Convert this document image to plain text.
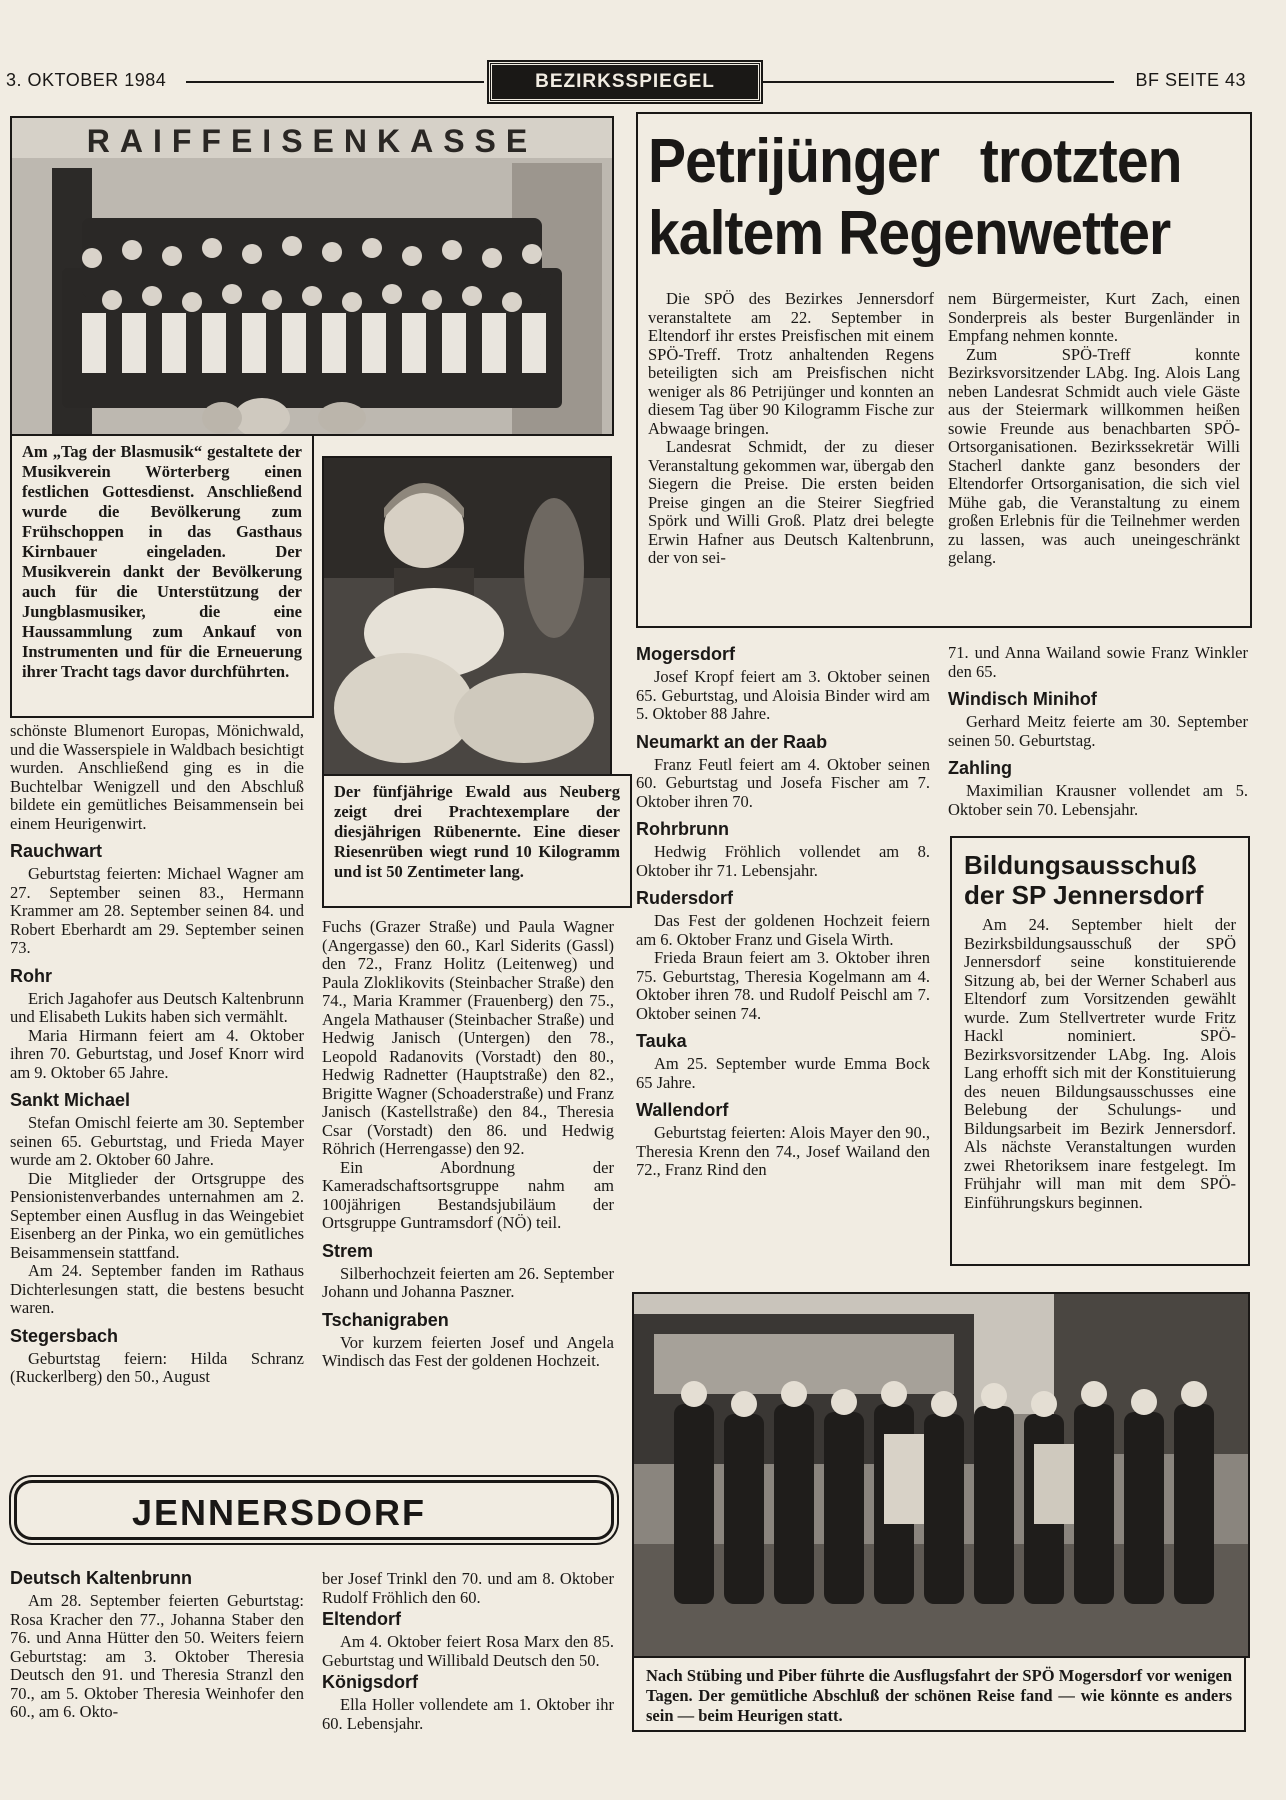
3. OKTOBER 1984	BEZIRKSSPIEGEL	BF SEITE 43
RAIFFEISENKASSE
Am „Tag der Blasmusik“ gestaltete der Musikverein Wörterberg einen festlichen Gottesdienst. Anschließend wurde die Bevölkerung zum Frühschoppen in das Gasthaus Kirnbauer eingeladen. Der Musikverein dankt der Bevölkerung auch für die Unterstützung der Jungblasmusiker, die eine Haussammlung zum Ankauf von Instrumenten und für die Erneuerung ihrer Tracht tags davor durchführten.
Der fünfjährige Ewald aus Neuberg zeigt drei Prachtexemplare der diesjährigen Rübenernte. Eine dieser Riesenrüben wiegt rund 10 Kilogramm und ist 50 Zentimeter lang.

schönste Blumenort Europas, Mönichwald, und die Wasserspiele in Waldbach besichtigt wurden. Anschließend ging es in die Buchtelbar Wenigzell und den Abschluß bildete ein gemütliches Beisammensein bei einem Heurigenwirt.

Rauchwart

Geburtstag feierten: Michael Wagner am 27. September seinen 83., Hermann Krammer am 28. September seinen 84. und Robert Eberhardt am 29. September seinen 73.

Rohr

Erich Jagahofer aus Deutsch Kaltenbrunn und Elisabeth Lukits haben sich vermählt.

Maria Hirmann feiert am 4. Oktober ihren 70. Geburtstag, und Josef Knorr wird am 9. Oktober 65 Jahre.

Sankt Michael

Stefan Omischl feierte am 30. September seinen 65. Geburtstag, und Frieda Mayer wurde am 2. Oktober 60 Jahre.

Die Mitglieder der Ortsgruppe des Pensionistenverbandes unternahmen am 2. September einen Ausflug in das Weingebiet Eisenberg an der Pinka, wo ein gemütliches Beisammensein stattfand.

Am 24. September fanden im Rathaus Dichterlesungen statt, die bestens besucht waren.

Stegersbach

Geburtstag feiern: Hilda Schranz (Ruckerlberg) den 50., August

Fuchs (Grazer Straße) und Paula Wagner (Angergasse) den 60., Karl Siderits (Gassl) den 72., Franz Holitz (Leitenweg) und Paula Zloklikovits (Steinbacher Straße) den 74., Maria Krammer (Frauenberg) den 75., Angela Mathauser (Steinbacher Straße) und Hedwig Janisch (Untergen) den 78., Leopold Radanovits (Vorstadt) den 80., Hedwig Radnetter (Hauptstraße) den 82., Brigitte Wagner (Schoaderstraße) und Franz Janisch (Kastellstraße) den 84., Theresia Csar (Vorstadt) den 86. und Hedwig Röhrich (Herrengasse) den 92.

Ein Abordnung der Kameradschaftsortsgruppe nahm am 100jährigen Bestandsjubiläum der Ortsgruppe Guntramsdorf (NÖ) teil.

Strem

Silberhochzeit feierten am 26. September Johann und Johanna Paszner.

Tschanigraben

Vor kurzem feierten Josef und Angela Windisch das Fest der goldenen Hochzeit.

Petrijünger trotzten
kaltem Regenwetter

Die SPÖ des Bezirkes Jennersdorf veranstaltete am 22. September in Eltendorf ihr erstes Preisfischen mit einem SPÖ-Treff. Trotz anhaltenden Regens beteiligten sich am Preisfischen nicht weniger als 86 Petrijünger und konnten an diesem Tag über 90 Kilogramm Fische zur Abwaage bringen.

Landesrat Schmidt, der zu dieser Veranstaltung gekommen war, übergab den Siegern die Preise. Die ersten beiden Preise gingen an die Steirer Siegfried Spörk und Willi Groß. Platz drei belegte Erwin Hafner aus Deutsch Kaltenbrunn, der von sei-

nem Bürgermeister, Kurt Zach, einen Sonderpreis als bester Burgenländer in Empfang nehmen konnte.

Zum SPÖ-Treff konnte Bezirksvorsitzender LAbg. Ing. Alois Lang neben Landesrat Schmidt auch viele Gäste aus der Steiermark willkommen heißen sowie Freunde aus benachbarten SPÖ-Ortsorganisationen. Bezirkssekretär Willi Stacherl dankte ganz besonders der Eltendorfer Ortsorganisation, die sich viel Mühe gab, die Veranstaltung zu einem großen Erlebnis für die Teilnehmer werden zu lassen, was auch uneingeschränkt gelang.

Mogersdorf

Josef Kropf feiert am 3. Oktober seinen 65. Geburtstag, und Aloisia Binder wird am 5. Oktober 88 Jahre.

Neumarkt an der Raab

Franz Feutl feiert am 4. Oktober seinen 60. Geburtstag und Josefa Fischer am 7. Oktober ihren 70.

Rohrbrunn

Hedwig Fröhlich vollendet am 8. Oktober ihr 71. Lebensjahr.

Rudersdorf

Das Fest der goldenen Hochzeit feiern am 6. Oktober Franz und Gisela Wirth.

Frieda Braun feiert am 3. Oktober ihren 75. Geburtstag, Theresia Kogelmann am 4. Oktober ihren 78. und Rudolf Peischl am 7. Oktober seinen 74.

Tauka

Am 25. September wurde Emma Bock 65 Jahre.

Wallendorf

Geburtstag feierten: Alois Mayer den 90., Theresia Krenn den 74., Josef Wailand den 72., Franz Rind den

71. und Anna Wailand sowie Franz Winkler den 65.

Windisch Minihof

Gerhard Meitz feierte am 30. September seinen 50. Geburtstag.

Zahling

Maximilian Krausner vollendet am 5. Oktober sein 70. Lebensjahr.

Bildungsausschuß
der SP Jennersdorf

Am 24. September hielt der Bezirksbildungsausschuß der SPÖ Jennersdorf seine konstituierende Sitzung ab, bei der Werner Schaberl aus Eltendorf zum Vorsitzenden gewählt wurde. Zum Stellvertreter wurde Fritz Hackl nominiert. SPÖ-Bezirksvorsitzender LAbg. Ing. Alois Lang erhofft sich mit der Konstituierung des neuen Bildungsausschusses eine Belebung der Schulungs- und Bildungsarbeit im Bezirk Jennersdorf. Als nächste Veranstaltungen wurden zwei Rhetoriksem inare festgelegt. Im Frühjahr will man mit dem SPÖ-Einführungskurs beginnen.

Nach Stübing und Piber führte die Ausflugsfahrt der SPÖ Mogersdorf vor wenigen Tagen. Der gemütliche Abschluß der schönen Reise fand — wie könnte es anders sein — beim Heurigen statt.
JENNERSDORF
Deutsch Kaltenbrunn

Am 28. September feierten Geburtstag: Rosa Kracher den 77., Johanna Staber den 76. und Anna Hütter den 50. Weiters feiern Geburtstag: am 3. Oktober Theresia Deutsch den 91. und Theresia Stranzl den 70., am 5. Oktober Theresia Weinhofer den 60., am 6. Okto-

ber Josef Trinkl den 70. und am 8. Oktober Rudolf Fröhlich den 60.

Eltendorf

Am 4. Oktober feiert Rosa Marx den 85. Geburtstag und Willibald Deutsch den 50.

Königsdorf

Ella Holler vollendete am 1. Oktober ihr 60. Lebensjahr.
